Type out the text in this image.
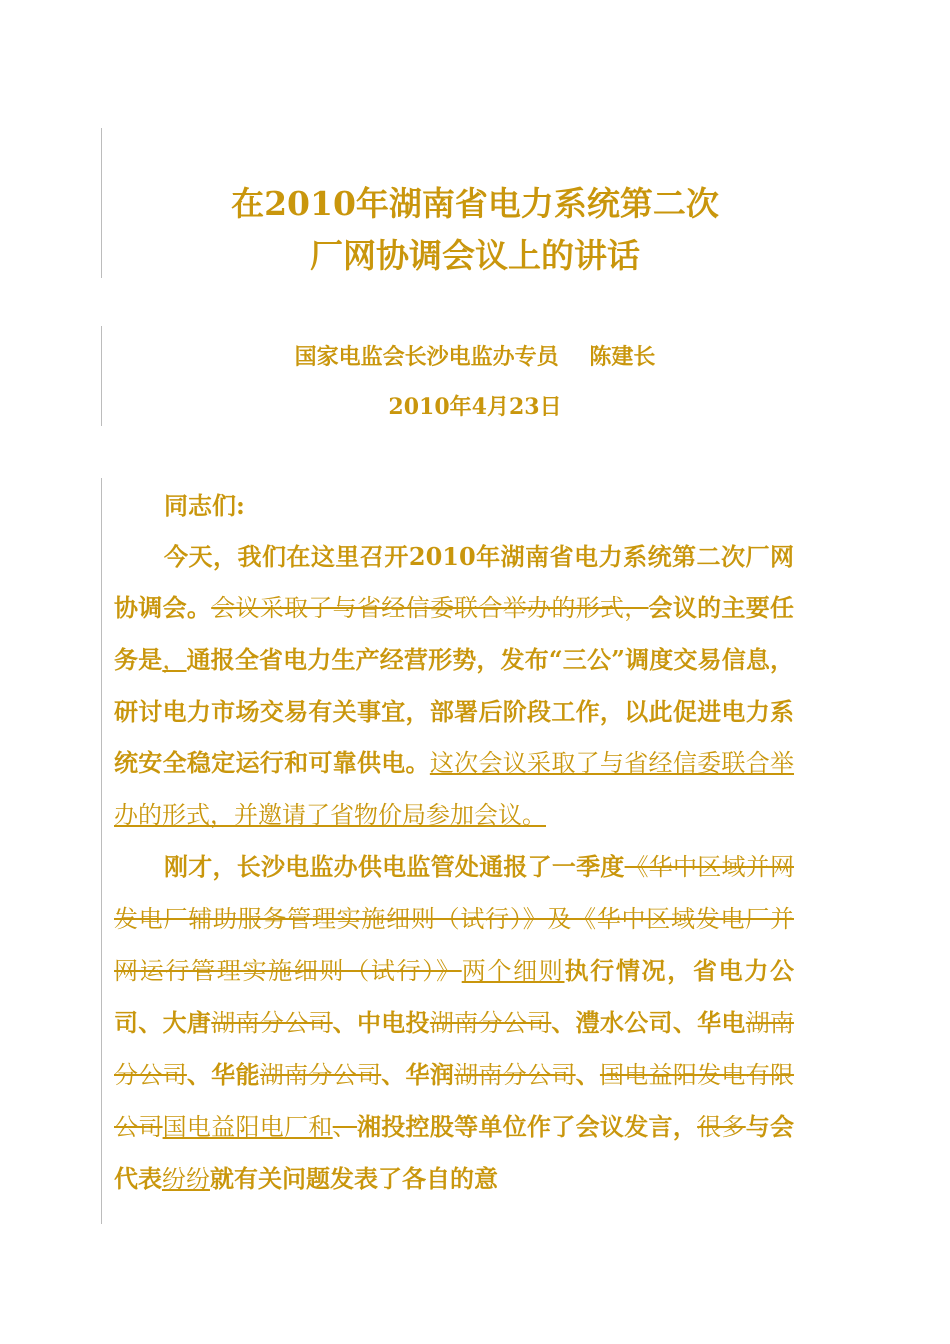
在2010年湖南省电力系统第二次
厂网协调会议上的讲话
国家电监会长沙电监办专员 陈建长
2010年4月23日

同志们:

今天，我们在这里召开2010年湖南省电力系统第二次厂网协调会。会议采取了与省经信委联合举办的形式，会议的主要任务是，通报全省电力生产经营形势，发布“三公”调度交易信息，研讨电力市场交易有关事宜，部署后阶段工作，以此促进电力系统安全稳定运行和可靠供电。这次会议采取了与省经信委联合举办的形式，并邀请了省物价局参加会议。

刚才，长沙电监办供电监管处通报了一季度《华中区域并网发电厂辅助服务管理实施细则（试行）》及《华中区域发电厂并网运行管理实施细则（试行）》两个细则执行情况，省电力公司、大唐湖南分公司、中电投湖南分公司、澧水公司、华电湖南分公司、华能湖南分公司、华润湖南分公司、国电益阳发电有限公司国电益阳电厂和、湘投控股等单位作了会议发言，很多与会代表纷纷就有关问题发表了各自的意
